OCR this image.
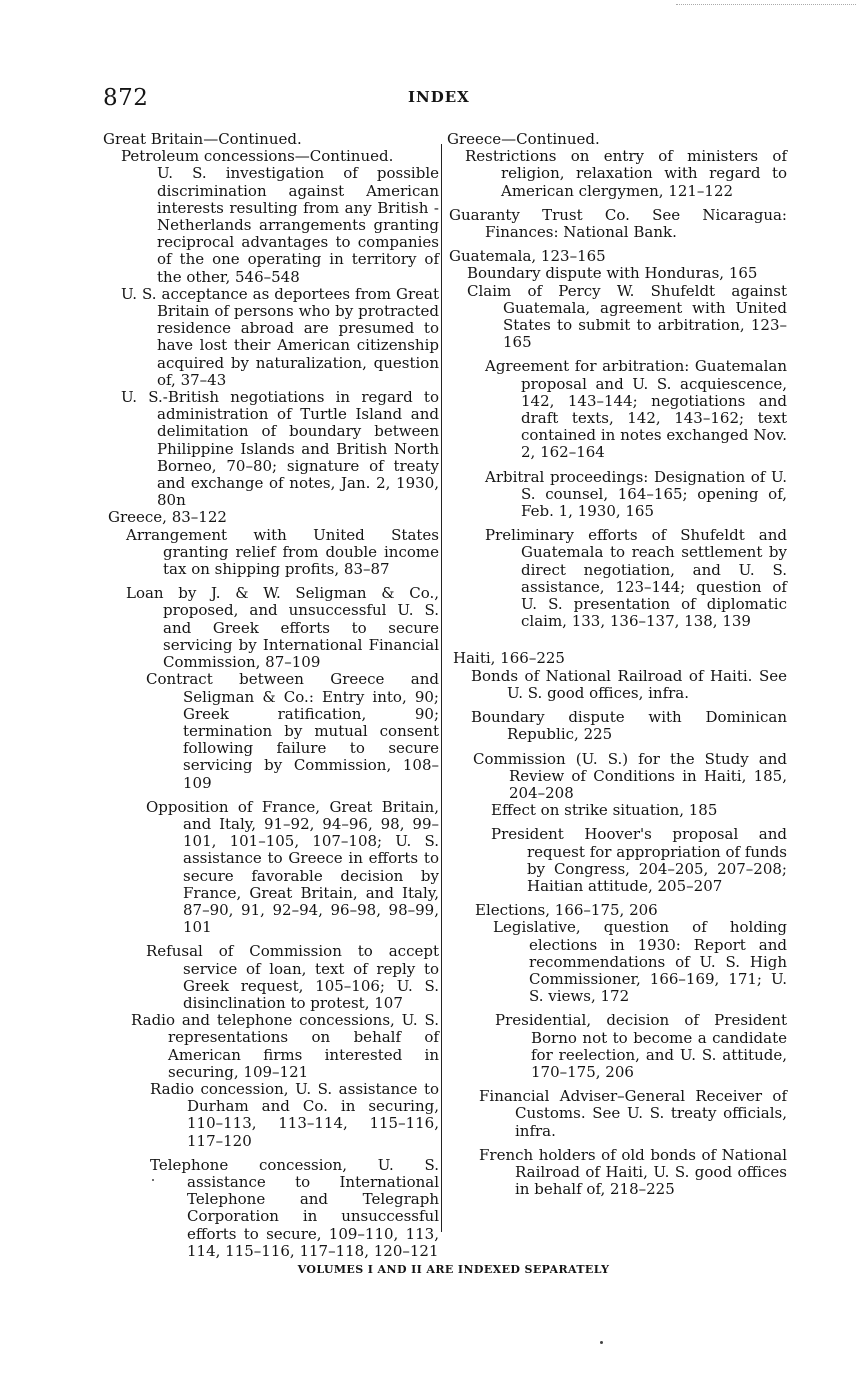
872	INDEX
Great Britain—Continued.
Petroleum concessions—Continued.
U. S. investigation of possible discrimination against American interests resulting from any British - Netherlands arrangements granting reciprocal advantages to companies of the one operating in territory of the other, 546–548
U. S. acceptance as deportees from Great Britain of persons who by protracted residence abroad are presumed to have lost their American citizenship acquired by naturalization, question of, 37–43
U. S.-British negotiations in regard to administration of Turtle Island and delimitation of boundary between Philippine Islands and British North Borneo, 70–80; signature of treaty and exchange of notes, Jan. 2, 1930, 80n
Greece, 83–122
Arrangement with United States granting relief from double income tax on shipping profits, 83–87
Loan by J. & W. Seligman & Co., proposed, and unsuccessful U. S. and Greek efforts to secure servicing by International Financial Commission, 87–109
Contract between Greece and Seligman & Co.: Entry into, 90; Greek ratification, 90; termination by mutual consent following failure to secure servicing by Commission, 108–109
Opposition of France, Great Britain, and Italy, 91–92, 94–96, 98, 99–101, 101–105, 107–108; U. S. assistance to Greece in efforts to secure favorable decision by France, Great Britain, and Italy, 87–90, 91, 92–94, 96–98, 98–99, 101
Refusal of Commission to accept service of loan, text of reply to Greek request, 105–106; U. S. disinclination to protest, 107
Radio and telephone concessions, U. S. representations on behalf of American firms interested in securing, 109–121
Radio concession, U. S. assistance to Durham and Co. in securing, 110–113, 113–114, 115–116, 117–120
Telephone concession, U. S. assistance to International Telephone and Telegraph Corporation in unsuccessful efforts to secure, 109–110, 113, 114, 115–116, 117–118, 120–121
Greece—Continued.
Restrictions on entry of ministers of religion, relaxation with regard to American clergymen, 121–122
Guaranty Trust Co. See Nicaragua: Finances: National Bank.
Guatemala, 123–165
Boundary dispute with Honduras, 165
Claim of Percy W. Shufeldt against Guatemala, agreement with United States to submit to arbitration, 123–165
Agreement for arbitration: Guatemalan proposal and U. S. acquiescence, 142, 143–144; negotiations and draft texts, 142, 143–162; text contained in notes exchanged Nov. 2, 162–164
Arbitral proceedings: Designation of U. S. counsel, 164–165; opening of, Feb. 1, 1930, 165
Preliminary efforts of Shufeldt and Guatemala to reach settlement by direct negotiation, and U. S. assistance, 123–144; question of U. S. presentation of diplomatic claim, 133, 136–137, 138, 139
Haiti, 166–225
Bonds of National Railroad of Haiti. See U. S. good offices, infra.
Boundary dispute with Dominican Republic, 225
Commission (U. S.) for the Study and Review of Conditions in Haiti, 185, 204–208
Effect on strike situation, 185
President Hoover's proposal and request for appropriation of funds by Congress, 204–205, 207–208; Haitian attitude, 205–207
Elections, 166–175, 206
Legislative, question of holding elections in 1930: Report and recommendations of U. S. High Commissioner, 166–169, 171; U. S. views, 172
Presidential, decision of President Borno not to become a candidate for reelection, and U. S. attitude, 170–175, 206
Financial Adviser–General Receiver of Customs. See U. S. treaty officials, infra.
French holders of old bonds of National Railroad of Haiti, U. S. good offices in behalf of, 218–225
VOLUMES I AND II ARE INDEXED SEPARATELY
